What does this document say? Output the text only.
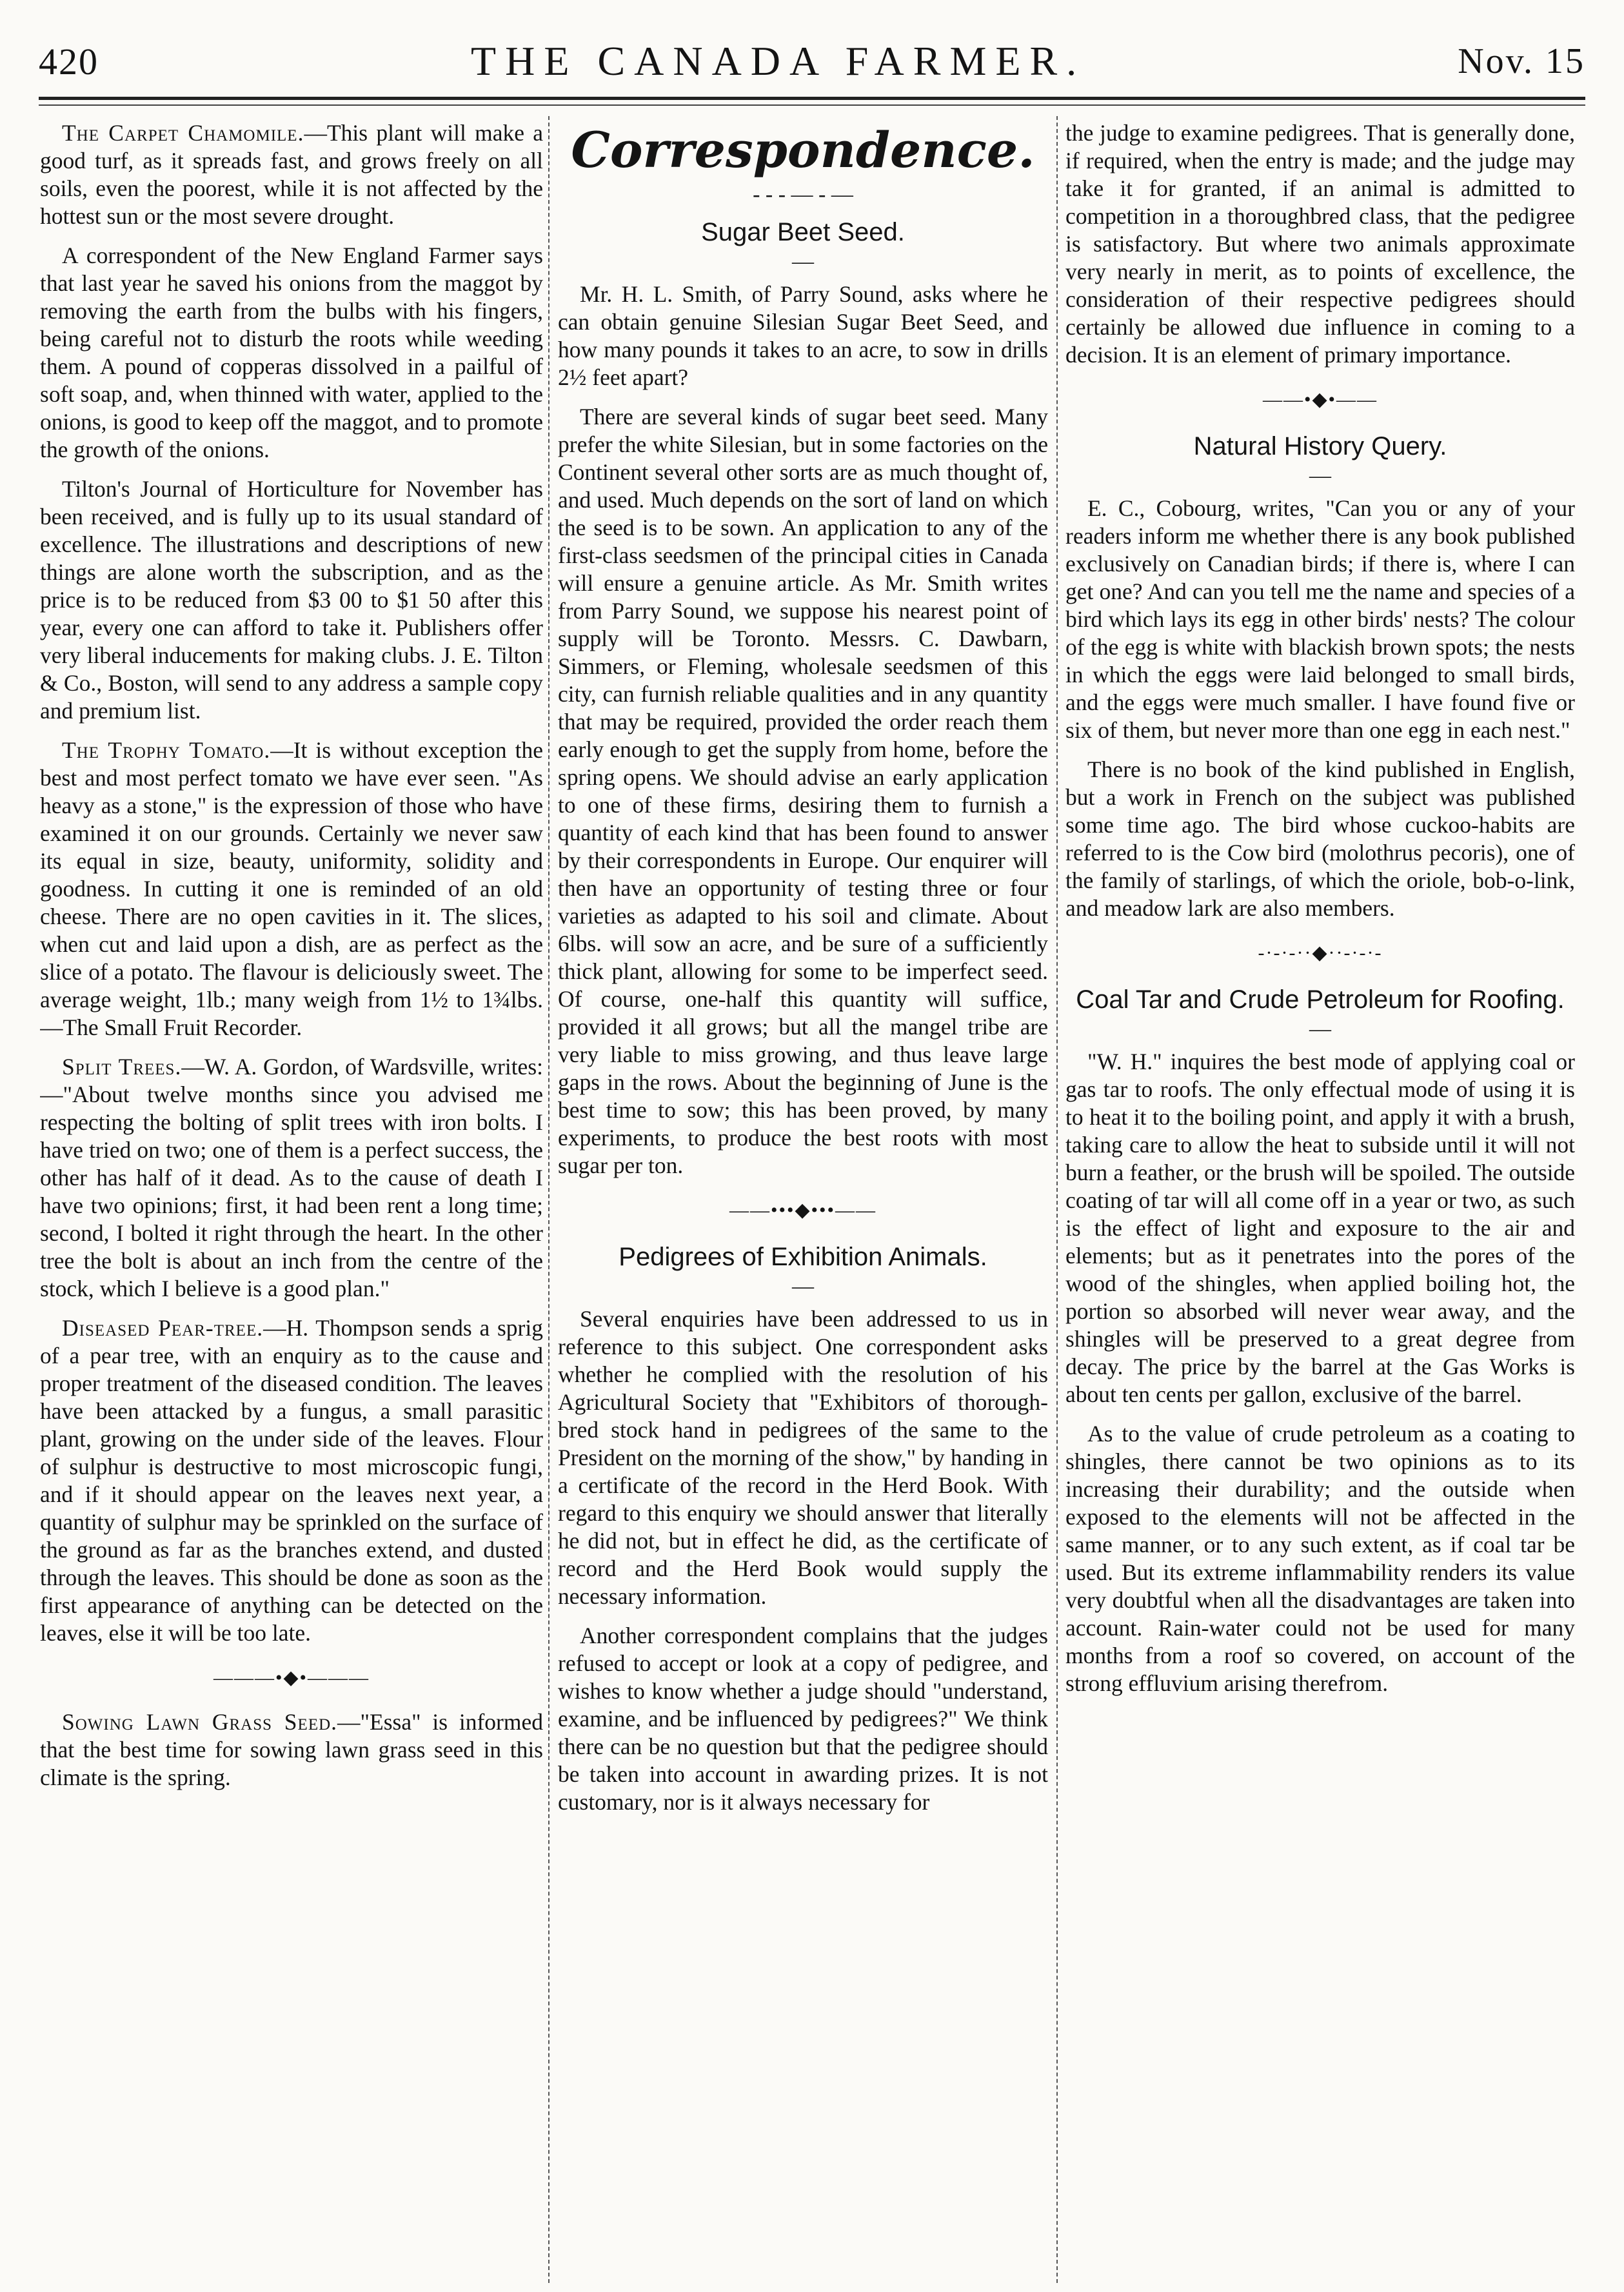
420	THE CANADA FARMER.	Nov. 15

The Carpet Chamomile.—This plant will make a good turf, as it spreads fast, and grows freely on all soils, even the poorest, while it is not affected by the hottest sun or the most severe drought.

A correspondent of the New England Farmer says that last year he saved his onions from the maggot by removing the earth from the bulbs with his fingers, being careful not to disturb the roots while weeding them. A pound of copperas dissolved in a pailful of soft soap, and, when thinned with water, applied to the onions, is good to keep off the maggot, and to promote the growth of the onions.

Tilton's Journal of Horticulture for November has been received, and is fully up to its usual standard of excellence. The illustrations and descriptions of new things are alone worth the subscription, and as the price is to be reduced from $3 00 to $1 50 after this year, every one can afford to take it. Publishers offer very liberal inducements for making clubs. J. E. Tilton & Co., Boston, will send to any address a sample copy and premium list.

The Trophy Tomato.—It is without exception the best and most perfect tomato we have ever seen. "As heavy as a stone," is the expression of those who have examined it on our grounds. Certainly we never saw its equal in size, beauty, uniformity, solidity and goodness. In cutting it one is reminded of an old cheese. There are no open cavities in it. The slices, when cut and laid upon a dish, are as perfect as the slice of a potato. The flavour is deliciously sweet. The average weight, 1lb.; many weigh from 1½ to 1¾lbs.—The Small Fruit Recorder.

Split Trees.—W. A. Gordon, of Wardsville, writes:—"About twelve months since you advised me respecting the bolting of split trees with iron bolts. I have tried on two; one of them is a perfect success, the other has half of it dead. As to the cause of death I have two opinions; first, it had been rent a long time; second, I bolted it right through the heart. In the other tree the bolt is about an inch from the centre of the stock, which I believe is a good plan."

Diseased Pear-tree.—H. Thompson sends a sprig of a pear tree, with an enquiry as to the cause and proper treatment of the diseased condition. The leaves have been attacked by a fungus, a small parasitic plant, growing on the under side of the leaves. Flour of sulphur is destructive to most microscopic fungi, and if it should appear on the leaves next year, a quantity of sulphur may be sprinkled on the surface of the ground as far as the branches extend, and dusted through the leaves. This should be done as soon as the first appearance of anything can be detected on the leaves, else it will be too late.

———•◆•———

Sowing Lawn Grass Seed.—"Essa" is informed that the best time for sowing lawn grass seed in this climate is the spring.

Correspondence.
- - - — - —
Sugar Beet Seed.
—

Mr. H. L. Smith, of Parry Sound, asks where he can obtain genuine Silesian Sugar Beet Seed, and how many pounds it takes to an acre, to sow in drills 2½ feet apart?

There are several kinds of sugar beet seed. Many prefer the white Silesian, but in some factories on the Continent several other sorts are as much thought of, and used. Much depends on the sort of land on which the seed is to be sown. An application to any of the first-class seedsmen of the principal cities in Canada will ensure a genuine article. As Mr. Smith writes from Parry Sound, we suppose his nearest point of supply will be Toronto. Messrs. C. Dawbarn, Simmers, or Fleming, wholesale seedsmen of this city, can furnish reliable qualities and in any quantity that may be required, provided the order reach them early enough to get the supply from home, before the spring opens. We should advise an early application to one of these firms, desiring them to furnish a quantity of each kind that has been found to answer by their correspondents in Europe. Our enquirer will then have an opportunity of testing three or four varieties as adapted to his soil and climate. About 6lbs. will sow an acre, and be sure of a sufficiently thick plant, allowing for some to be imperfect seed. Of course, one-half this quantity will suffice, provided it all grows; but all the mangel tribe are very liable to miss growing, and thus leave large gaps in the rows. About the beginning of June is the best time to sow; this has been proved, by many experiments, to produce the best roots with most sugar per ton.

——•••◆•••——
Pedigrees of Exhibition Animals.
—

Several enquiries have been addressed to us in reference to this subject. One correspondent asks whether he complied with the resolution of his Agricultural Society that "Exhibitors of thorough-bred stock hand in pedigrees of the same to the President on the morning of the show," by handing in a certificate of the record in the Herd Book. With regard to this enquiry we should answer that literally he did not, but in effect he did, as the certificate of record and the Herd Book would supply the necessary information.

Another correspondent complains that the judges refused to accept or look at a copy of pedigree, and wishes to know whether a judge should "understand, examine, and be influenced by pedigrees?" We think there can be no question but that the pedigree should be taken into account in awarding prizes. It is not customary, nor is it always necessary for

the judge to examine pedigrees. That is generally done, if required, when the entry is made; and the judge may take it for granted, if an animal is admitted to competition in a thoroughbred class, that the pedigree is satisfactory. But where two animals approximate very nearly in merit, as to points of excellence, the consideration of their respective pedigrees should certainly be allowed due influence in coming to a decision. It is an element of primary importance.

——•◆•——
Natural History Query.
—

E. C., Cobourg, writes, "Can you or any of your readers inform me whether there is any book published exclusively on Canadian birds; if there is, where I can get one? And can you tell me the name and species of a bird which lays its egg in other birds' nests? The colour of the egg is white with blackish brown spots; the nests in which the eggs were laid belonged to small birds, and the eggs were much smaller. I have found five or six of them, but never more than one egg in each nest."

There is no book of the kind published in English, but a work in French on the subject was published some time ago. The bird whose cuckoo-habits are referred to is the Cow bird (molothrus pecoris), one of the family of starlings, of which the oriole, bob-o-link, and meadow lark are also members.

-·-·-··◆··-·-·-
Coal Tar and Crude Petroleum for Roofing.
—

"W. H." inquires the best mode of applying coal or gas tar to roofs. The only effectual mode of using it is to heat it to the boiling point, and apply it with a brush, taking care to allow the heat to subside until it will not burn a feather, or the brush will be spoiled. The outside coating of tar will all come off in a year or two, as such is the effect of light and exposure to the air and elements; but as it penetrates into the pores of the wood of the shingles, when applied boiling hot, the portion so absorbed will never wear away, and the shingles will be preserved to a great degree from decay. The price by the barrel at the Gas Works is about ten cents per gallon, exclusive of the barrel.

As to the value of crude petroleum as a coating to shingles, there cannot be two opinions as to its increasing their durability; and the outside when exposed to the elements will not be affected in the same manner, or to any such extent, as if coal tar be used. But its extreme inflammability renders its value very doubtful when all the disadvantages are taken into account. Rain-water could not be used for many months from a roof so covered, on account of the strong effluvium arising therefrom.
